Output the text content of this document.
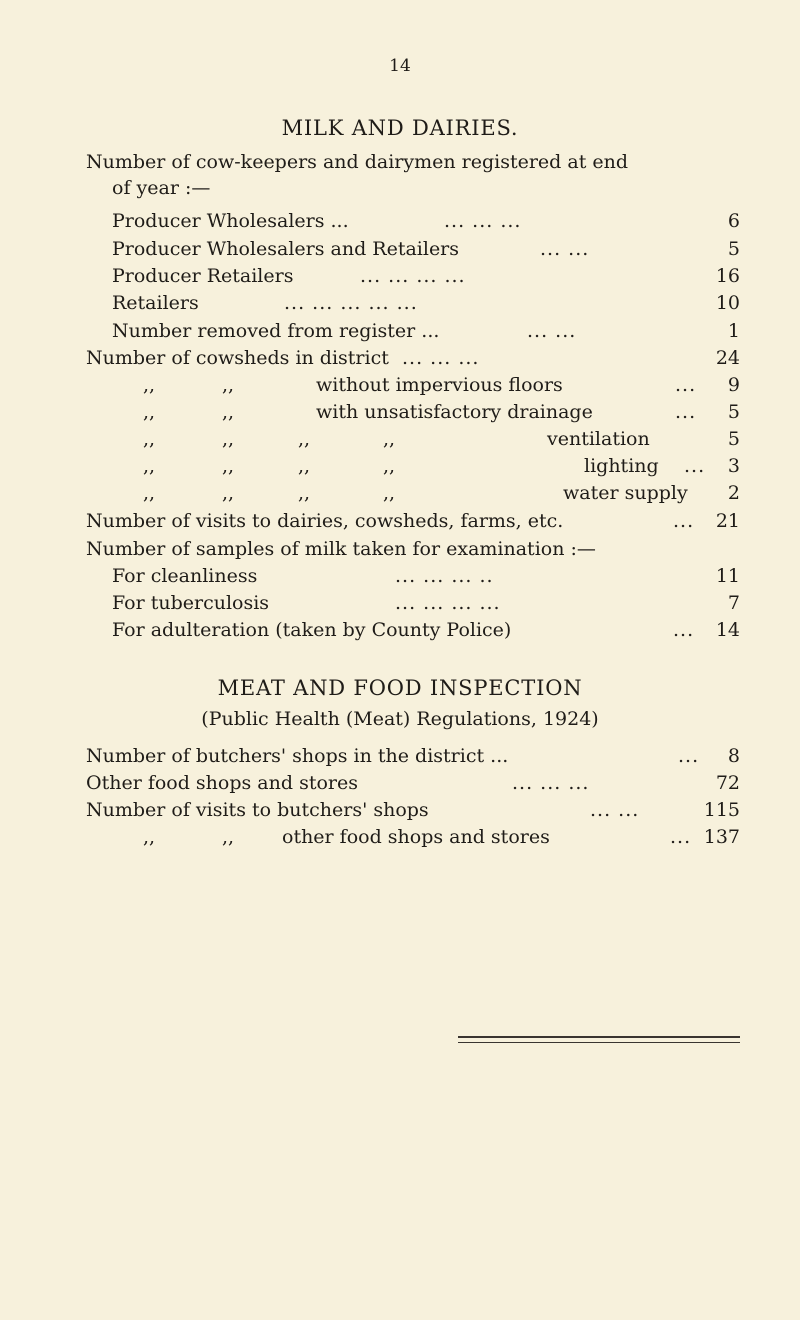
14
MILK AND DAIRIES.
Number of cow-keepers and dairymen registered at end
of year :—
Producer Wholesalers ...	... ... ...	6
Producer Wholesalers and Retailers	... ...	5
Producer Retailers	... ... ... ...	16
Retailers	... ... ... ... ...	10
Number removed from register ...	... ...	1
Number of cowsheds in district ... ... ...	24
,,	,,	without impervious floors	...	9
,,	,,	with unsatisfactory drainage	...	5
,,	,,	,,	,,	ventilation	5
,,	,,	,,	,,	lighting ...	3
,,	,,	,,	,,	water supply	2
Number of visits to dairies, cowsheds, farms, etc.	...	21
Number of samples of milk taken for examination :—
For cleanliness	... ... ... ..	11
For tuberculosis	... ... ... ...	7
For adulteration (taken by County Police)	...	14
MEAT AND FOOD INSPECTION
(Public Health (Meat) Regulations, 1924)
Number of butchers' shops in the district ...	...	8
Other food shops and stores	... ... ...	72
Number of visits to butchers' shops	... ...	115
,,	,,	other food shops and stores	... 137
